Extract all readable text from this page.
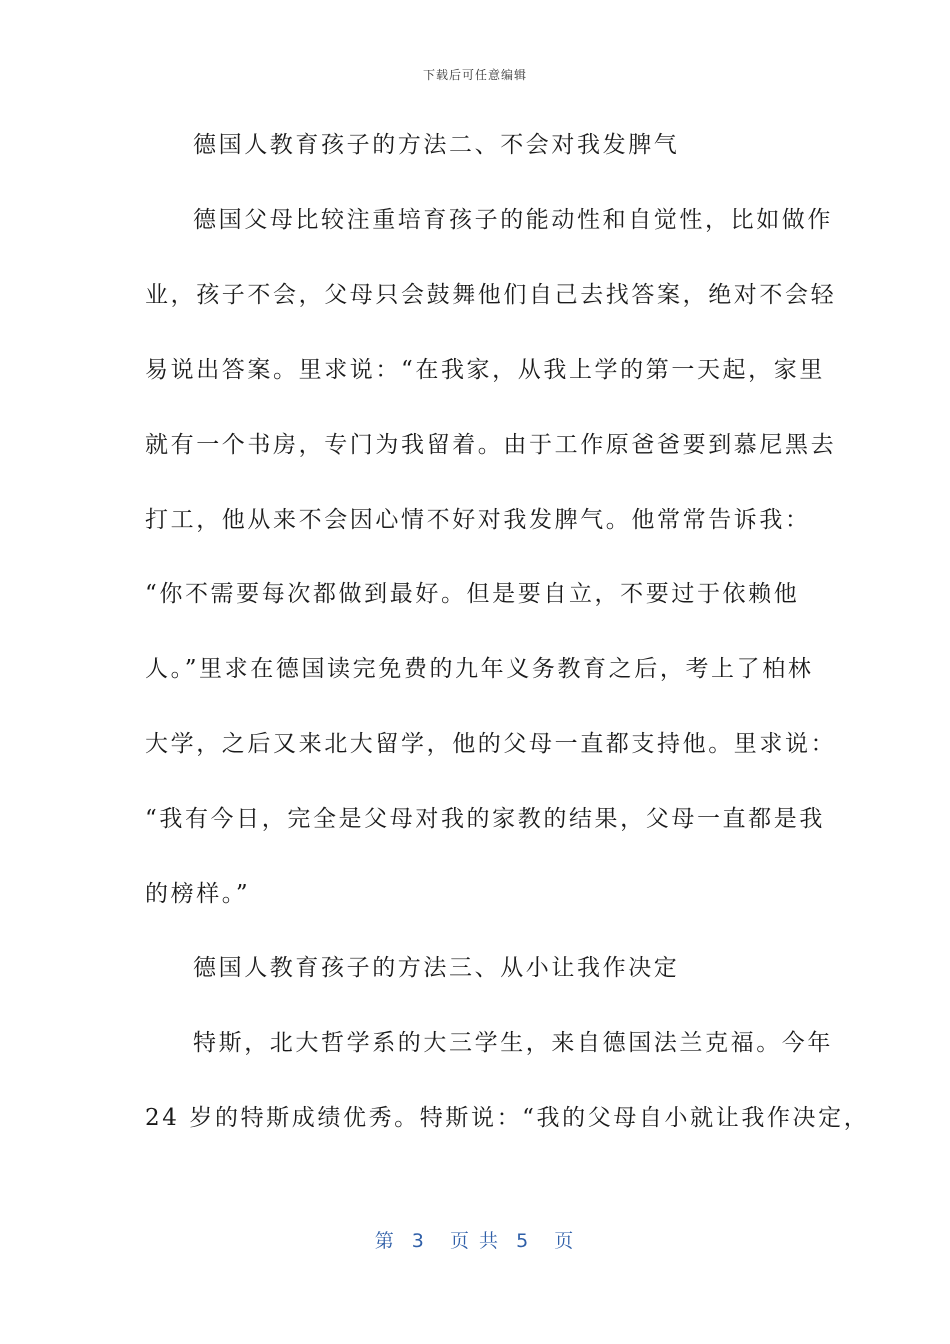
下载后可任意编辑
德国人教育孩子的方法二、不会对我发脾气
德国父母比较注重培育孩子的能动性和自觉性，比如做作
业，孩子不会，父母只会鼓舞他们自己去找答案，绝对不会轻
易说出答案。里求说：“在我家，从我上学的第一天起，家里
就有一个书房，专门为我留着。由于工作原爸爸要到慕尼黑去
打工，他从来不会因心情不好对我发脾气。他常常告诉我：
“你不需要每次都做到最好。但是要自立，不要过于依赖他
人。”里求在德国读完免费的九年义务教育之后，考上了柏林
大学，之后又来北大留学，他的父母一直都支持他。里求说：
“我有今日，完全是父母对我的家教的结果，父母一直都是我
的榜样。”
德国人教育孩子的方法三、从小让我作决定
特斯，北大哲学系的大三学生，来自德国法兰克福。今年
24 岁的特斯成绩优秀。特斯说：“我的父母自小就让我作决定，
第  3   页 共  5   页
